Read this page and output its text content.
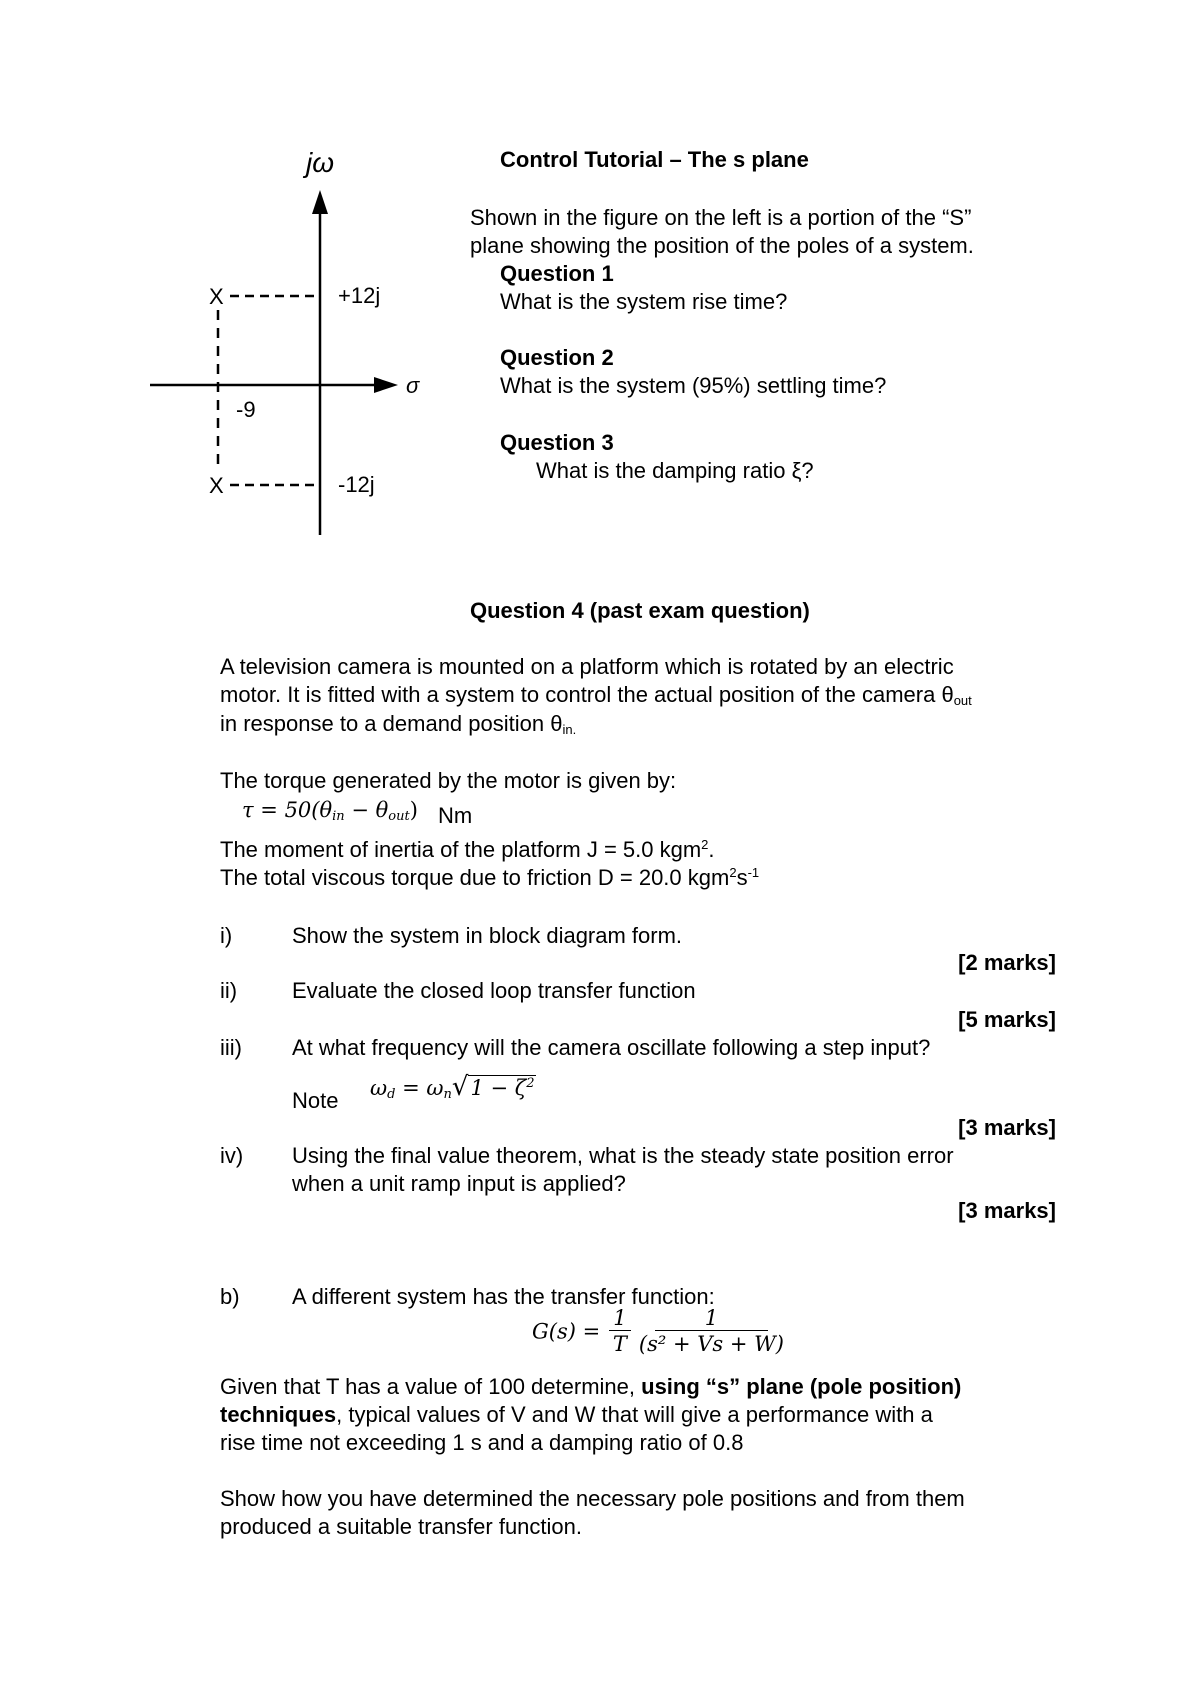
jω
σ
X
X
+12j
-12j
-9
Control Tutorial – The s plane
Shown in the figure on the left is a portion of the “S”
plane showing the position of the poles of a system.
Question 1
What is the system rise time?
Question 2
What is the system (95%) settling time?
Question 3
What is the damping ratio ξ?
Question 4 (past exam question)
A television camera is mounted on a platform which is rotated by an electric
motor. It is fitted with a system to control the actual position of the camera $\theta_{out}$
in response to a demand position $\theta_{in.}$
The torque generated by the motor is given by:
$\tau = 50(\theta_{in} - \theta_{out})$ Nm
The moment of inertia of the platform J = 5.0 kgm$^2$.
The total viscous torque due to friction D = 20.0 $kgm^2s^{-1}$
i)	Show the system in block diagram form.
[2 marks]
ii) Evaluate the closed loop transfer function
[5 marks]
iii) At what frequency will the camera oscillate following a step input?
Note $\omega_d = \omega_n√1 - \zeta^2$
[3 marks]
iv) Using the final value theorem, what is the steady state position error
when a unit ramp input is applied?
[3 marks]
b) A different system has the transfer function:
$G(s) = \frac{1}{T} \frac{1}{\text{(s² + Vs + W)}}$
Given that T has a value of 100 determine, using “s” plane (pole position)
techniques, typical values of V and W that will give a performance with a
rise time not exceeding 1 s and a damping ratio of 0.8
Show how you have determined the necessary pole positions and from them
produced a suitable transfer function.
